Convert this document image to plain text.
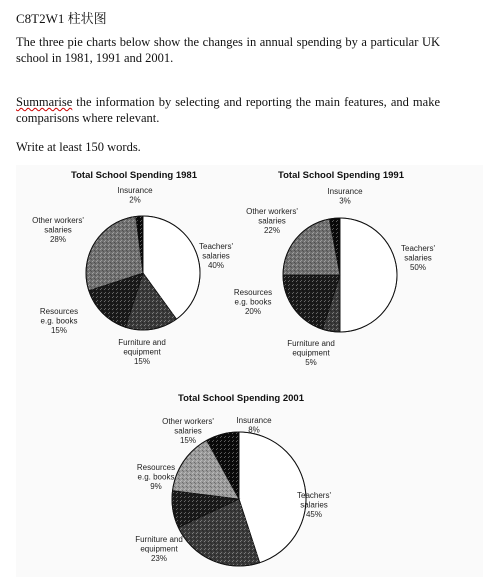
C8T2W1 柱状图
The three pie charts below show the changes in annual spending by a particular UK school in 1981, 1991 and 2001.
Summarise the information by selecting and reporting the main features, and make comparisons where relevant.
Write at least 150 words.
Total School Spending 1981
Teachers' salaries 40%
Furniture and equipment 15%
Resources e.g. books 15%
Other workers' salaries 28%
Insurance 2%
Total School Spending 1991
Teachers' salaries 50%
Furniture and equipment 5%
Resources e.g. books 20%
Other workers' salaries 22%
Insurance 3%
Total School Spending 2001
Teachers' salaries 45%
Furniture and equipment 23%
Resources e.g. books 9%
Other workers' salaries 15%
Insurance 8%
